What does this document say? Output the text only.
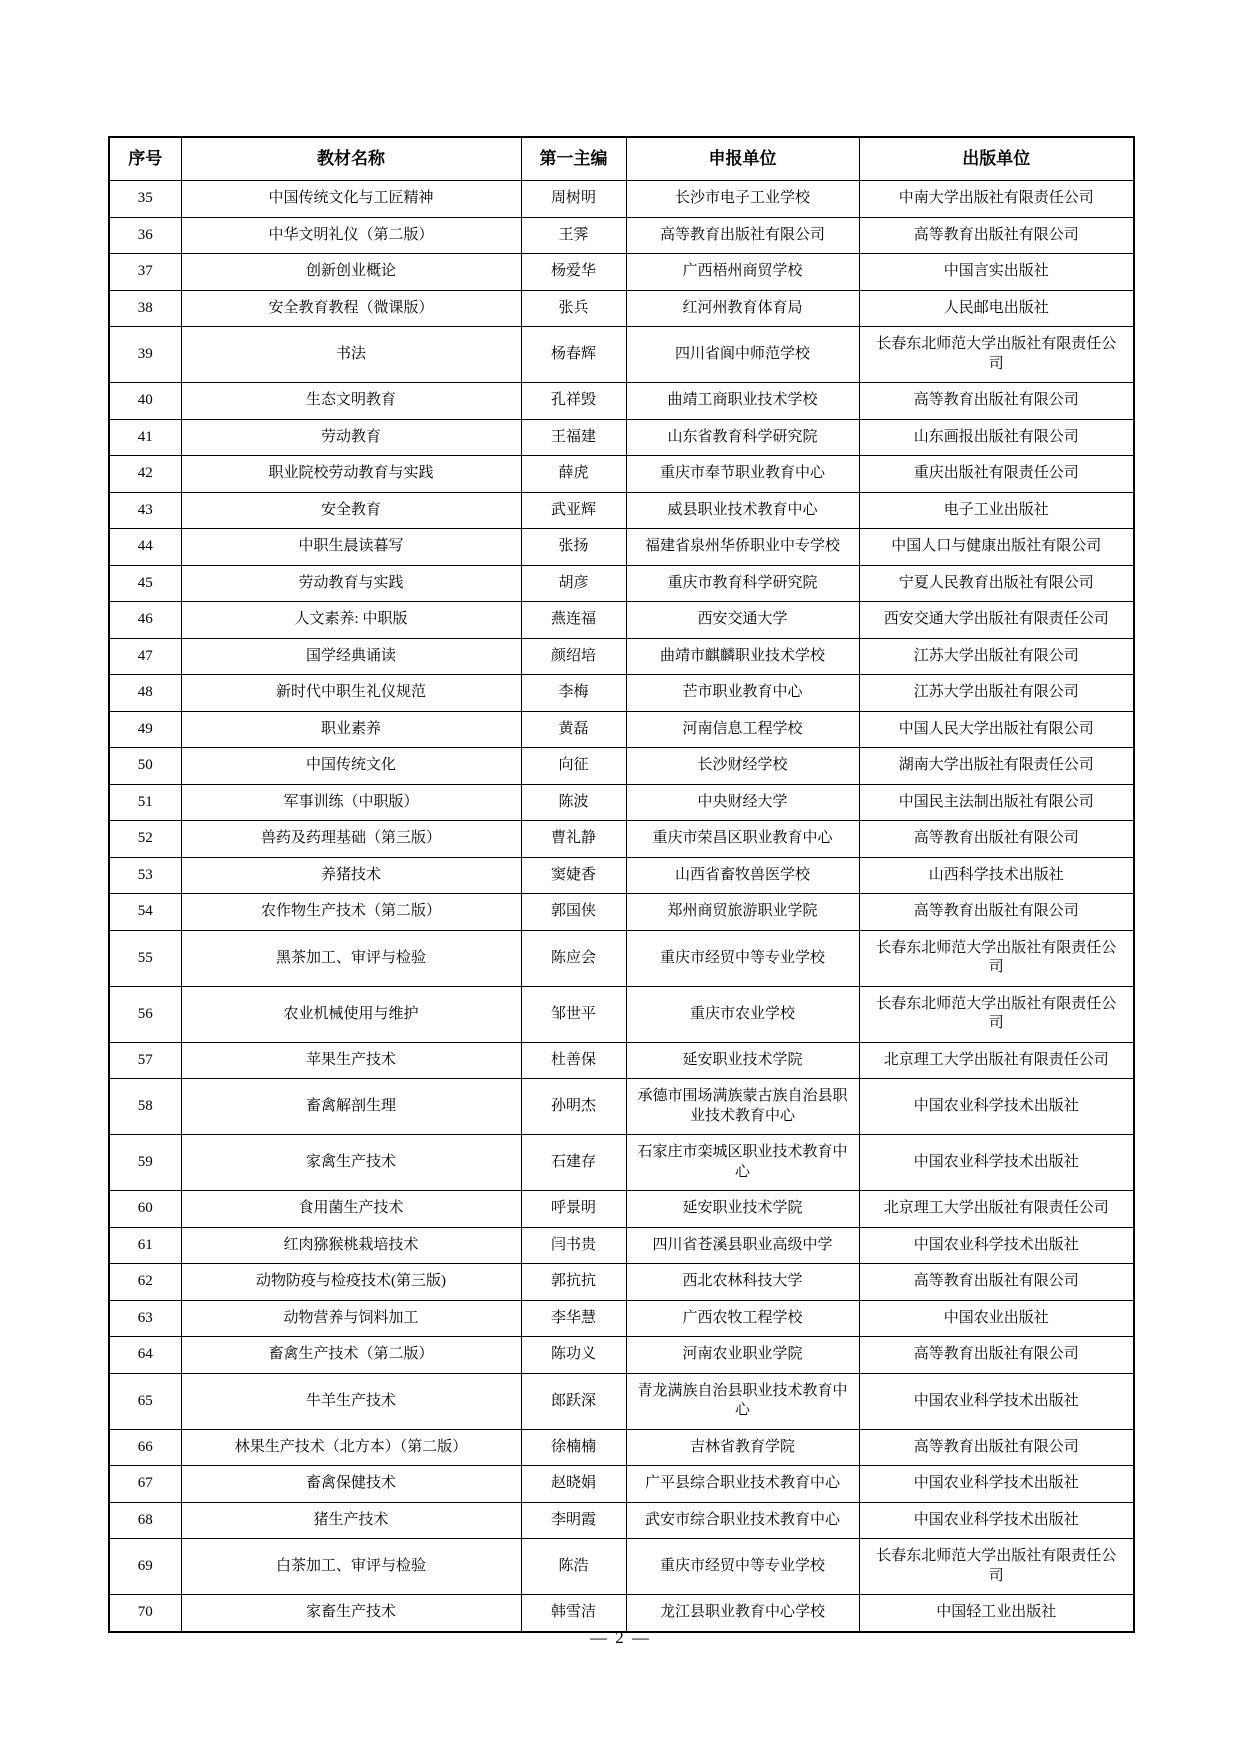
序号	教材名称	第一主编	申报单位	出版单位
35	中国传统文化与工匠精神	周树明	长沙市电子工业学校	中南大学出版社有限责任公司
36	中华文明礼仪（第二版）	王霁	高等教育出版社有限公司	高等教育出版社有限公司
37	创新创业概论	杨爱华	广西梧州商贸学校	中国言实出版社
38	安全教育教程（微课版）	张兵	红河州教育体育局	人民邮电出版社
39	书法	杨春辉	四川省阆中师范学校	长春东北师范大学出版社有限责任公司
40	生态文明教育	孔祥毁	曲靖工商职业技术学校	高等教育出版社有限公司
41	劳动教育	王福建	山东省教育科学研究院	山东画报出版社有限公司
42	职业院校劳动教育与实践	薛虎	重庆市奉节职业教育中心	重庆出版社有限责任公司
43	安全教育	武亚辉	威县职业技术教育中心	电子工业出版社
44	中职生晨读暮写	张扬	福建省泉州华侨职业中专学校	中国人口与健康出版社有限公司
45	劳动教育与实践	胡彦	重庆市教育科学研究院	宁夏人民教育出版社有限公司
46	人文素养: 中职版	燕连福	西安交通大学	西安交通大学出版社有限责任公司
47	国学经典诵读	颜绍培	曲靖市麒麟职业技术学校	江苏大学出版社有限公司
48	新时代中职生礼仪规范	李梅	芒市职业教育中心	江苏大学出版社有限公司
49	职业素养	黄磊	河南信息工程学校	中国人民大学出版社有限公司
50	中国传统文化	向征	长沙财经学校	湖南大学出版社有限责任公司
51	军事训练（中职版）	陈波	中央财经大学	中国民主法制出版社有限公司
52	兽药及药理基础（第三版）	曹礼静	重庆市荣昌区职业教育中心	高等教育出版社有限公司
53	养猪技术	窦婕香	山西省畜牧兽医学校	山西科学技术出版社
54	农作物生产技术（第二版）	郭国侠	郑州商贸旅游职业学院	高等教育出版社有限公司
55	黑茶加工、审评与检验	陈应会	重庆市经贸中等专业学校	长春东北师范大学出版社有限责任公司
56	农业机械使用与维护	邹世平	重庆市农业学校	长春东北师范大学出版社有限责任公司
57	苹果生产技术	杜善保	延安职业技术学院	北京理工大学出版社有限责任公司
58	畜禽解剖生理	孙明杰	承德市围场满族蒙古族自治县职业技术教育中心	中国农业科学技术出版社
59	家禽生产技术	石建存	石家庄市栾城区职业技术教育中心	中国农业科学技术出版社
60	食用菌生产技术	呼景明	延安职业技术学院	北京理工大学出版社有限责任公司
61	红肉猕猴桃栽培技术	闫书贵	四川省苍溪县职业高级中学	中国农业科学技术出版社
62	动物防疫与检疫技术(第三版)	郭抗抗	西北农林科技大学	高等教育出版社有限公司
63	动物营养与饲料加工	李华慧	广西农牧工程学校	中国农业出版社
64	畜禽生产技术（第二版）	陈功义	河南农业职业学院	高等教育出版社有限公司
65	牛羊生产技术	郎跃深	青龙满族自治县职业技术教育中心	中国农业科学技术出版社
66	林果生产技术（北方本）（第二版）	徐楠楠	吉林省教育学院	高等教育出版社有限公司
67	畜禽保健技术	赵晓娟	广平县综合职业技术教育中心	中国农业科学技术出版社
68	猪生产技术	李明霞	武安市综合职业技术教育中心	中国农业科学技术出版社
69	白茶加工、审评与检验	陈浩	重庆市经贸中等专业学校	长春东北师范大学出版社有限责任公司
70	家畜生产技术	韩雪洁	龙江县职业教育中心学校	中国轻工业出版社
— 2 —
